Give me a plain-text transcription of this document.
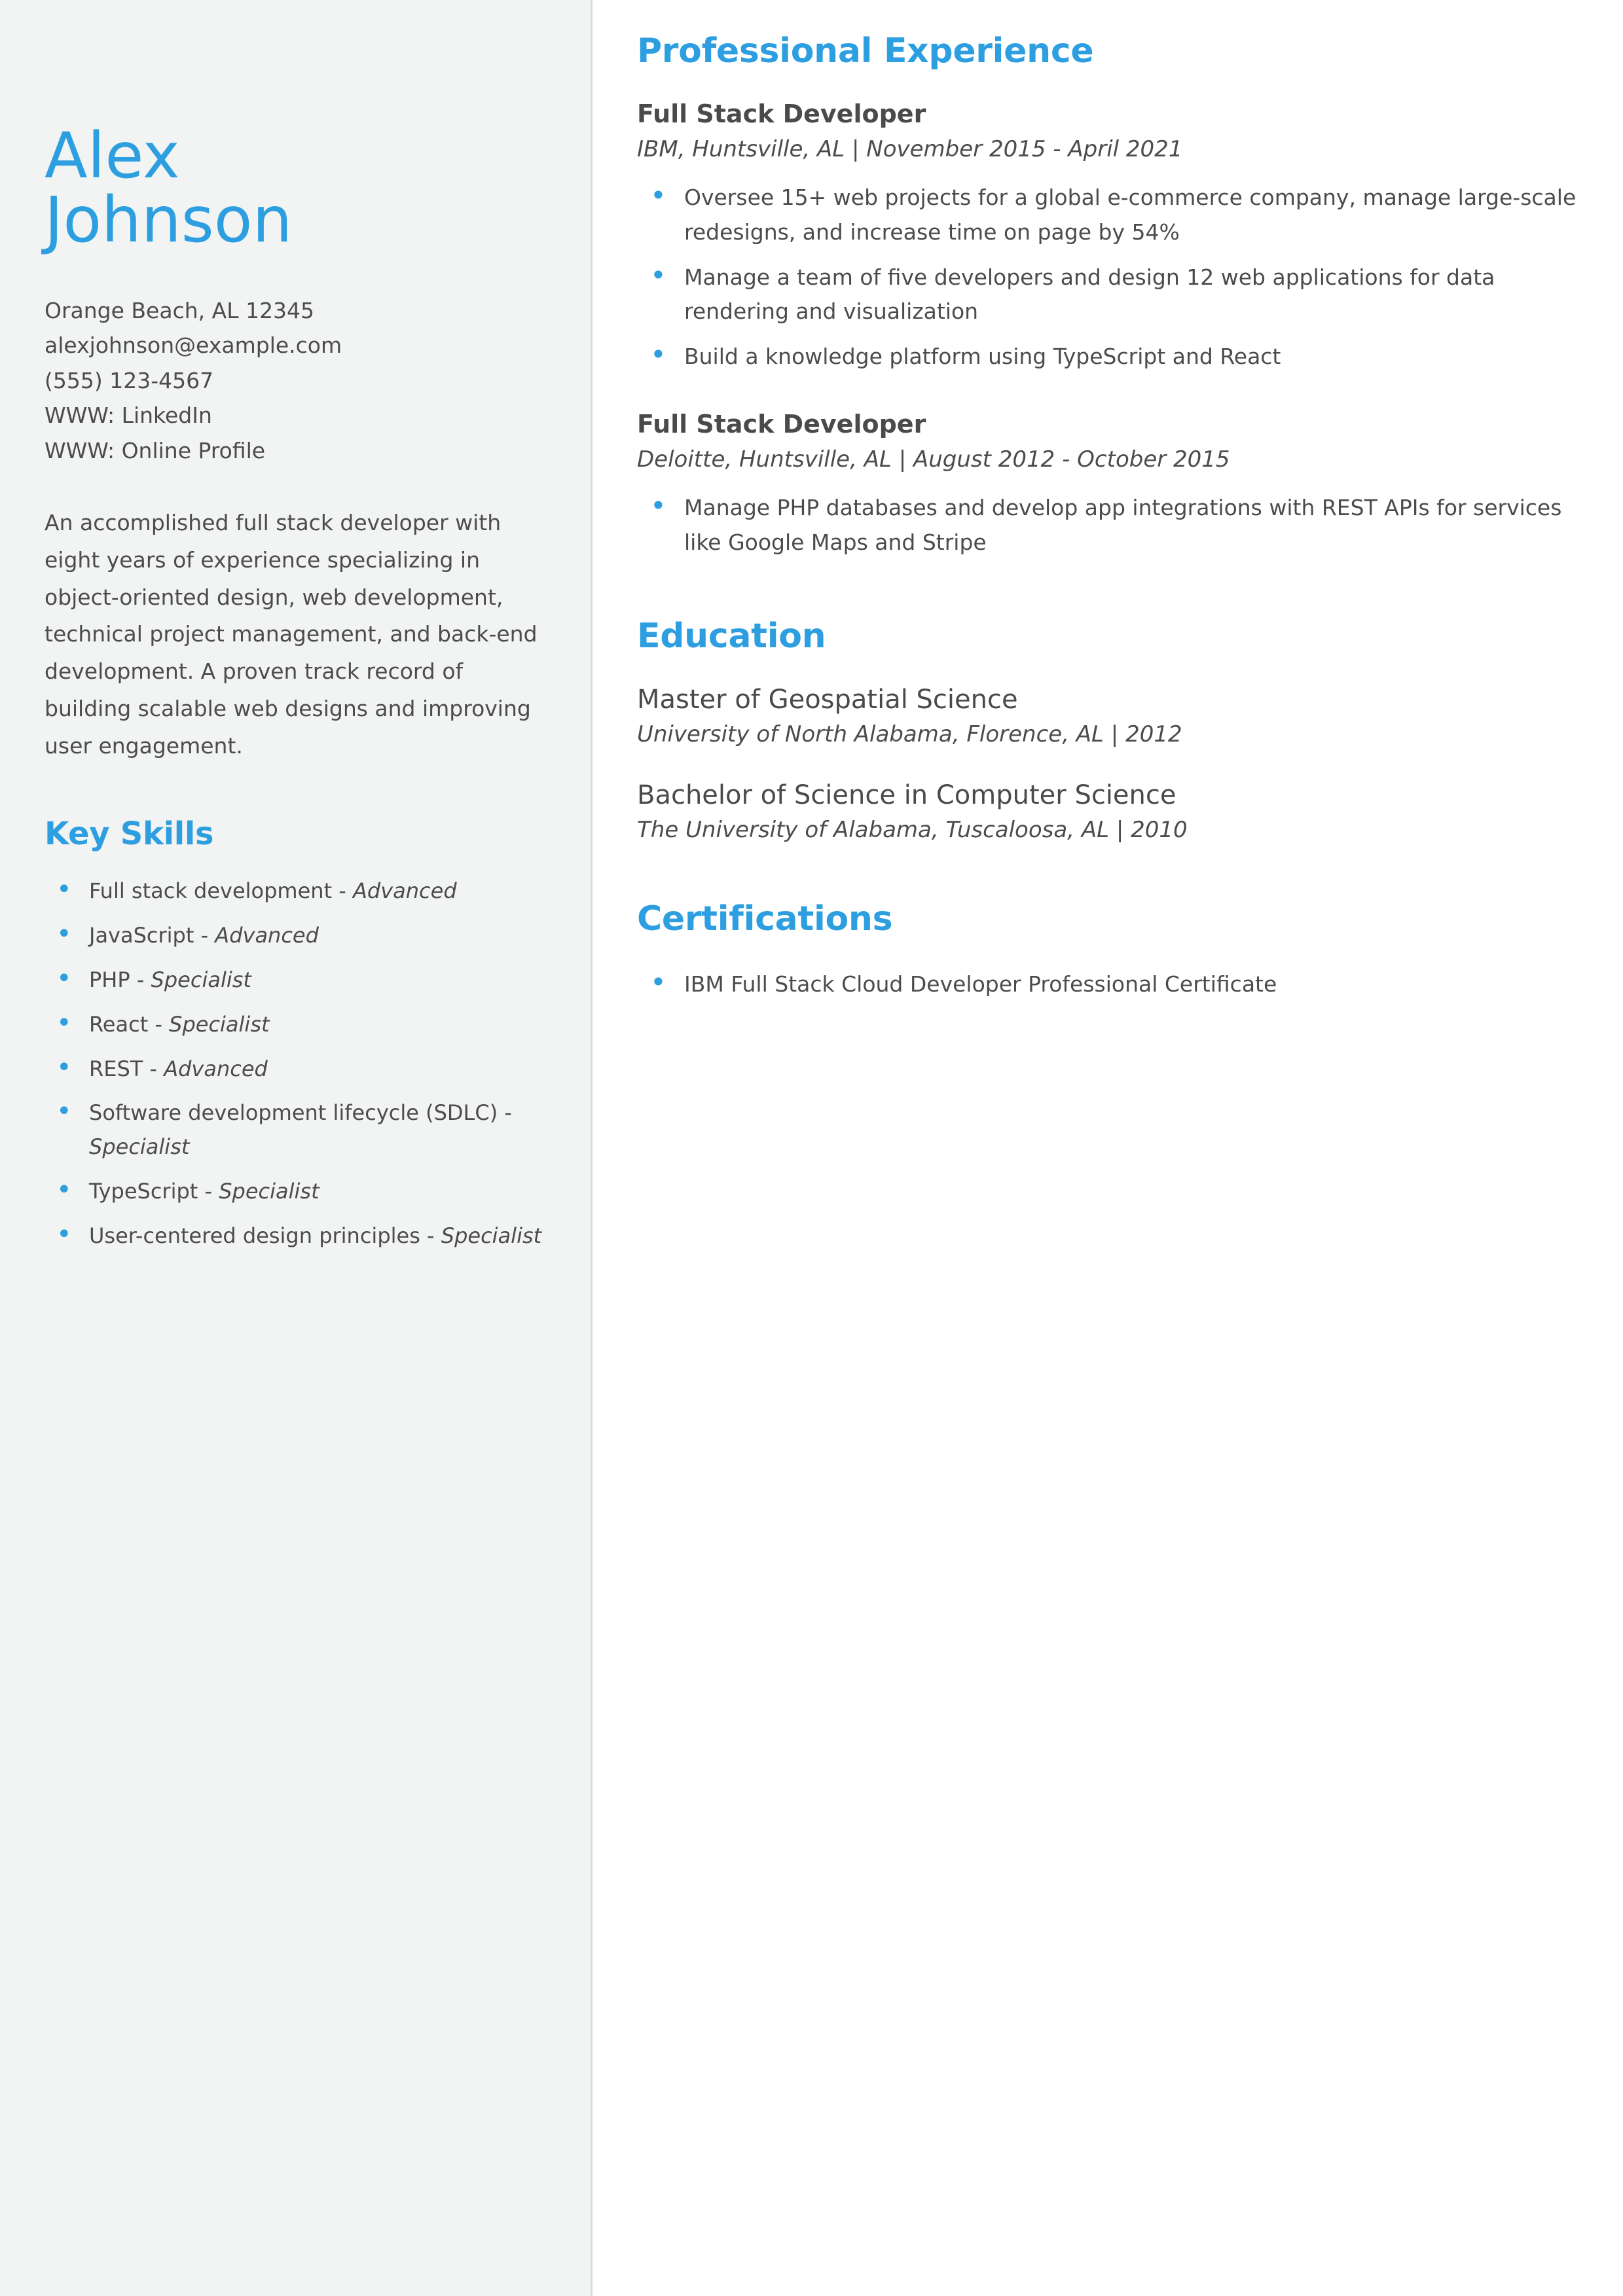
Alex
Johnson
Orange Beach, AL 12345
alexjohnson@example.com
(555) 123-4567
WWW: LinkedIn
WWW: Online Profile

An accomplished full stack developer with eight years of experience specializing in object-oriented design, web development, technical project management, and back-end development. A proven track record of building scalable web designs and improving user engagement.

Key Skills
• Full stack development - Advanced
• JavaScript - Advanced
• PHP - Specialist
• React - Specialist
• REST - Advanced
• Software development lifecycle (SDLC) - Specialist
• TypeScript - Specialist
• User-centered design principles - Specialist
Professional Experience
Full Stack Developer

IBM, Huntsville, AL | November 2015 - April 2021

• Oversee 15+ web projects for a global e-commerce company, manage large-scale redesigns, and increase time on page by 54%
• Manage a team of five developers and design 12 web applications for data rendering and visualization
• Build a knowledge platform using TypeScript and React
Full Stack Developer

Deloitte, Huntsville, AL | August 2012 - October 2015

• Manage PHP databases and develop app integrations with REST APIs for services like Google Maps and Stripe
Education

Master of Geospatial Science

University of North Alabama, Florence, AL | 2012

Bachelor of Science in Computer Science

The University of Alabama, Tuscaloosa, AL | 2010

Certifications
• IBM Full Stack Cloud Developer Professional Certificate
